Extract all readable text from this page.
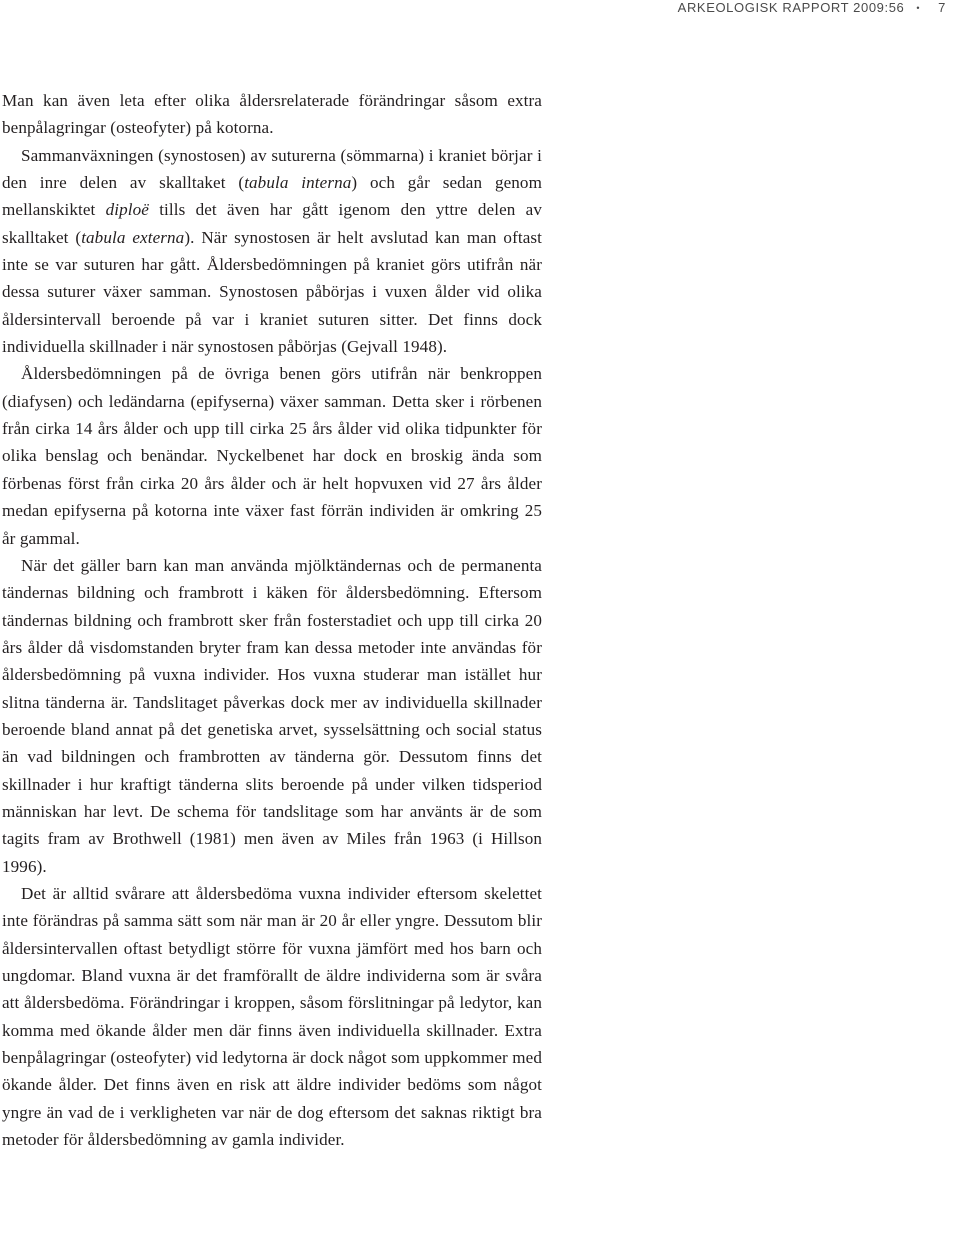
ARKEOLOGISK RAPPORT 2009:56 • 7

Man kan även leta efter olika åldersrelaterade förändringar såsom extra benpålagringar (osteofyter) på kotorna.

Sammanväxningen (synostosen) av suturerna (sömmarna) i kraniet börjar i den inre delen av skalltaket (tabula interna) och går sedan genom mellanskiktet diploë tills det även har gått igenom den yttre delen av skalltaket (tabula externa). När synostosen är helt avslutad kan man oftast inte se var suturen har gått. Åldersbedömningen på kraniet görs utifrån när dessa suturer växer samman. Synostosen påbörjas i vuxen ålder vid olika åldersintervall beroende på var i kraniet suturen sitter. Det finns dock individuella skillnader i när synostosen påbörjas (Gejvall 1948).

Åldersbedömningen på de övriga benen görs utifrån när benkroppen (diafysen) och ledändarna (epifyserna) växer samman. Detta sker i rörbenen från cirka 14 års ålder och upp till cirka 25 års ålder vid olika tidpunkter för olika benslag och benändar. Nyckelbenet har dock en broskig ända som förbenas först från cirka 20 års ålder och är helt hopvuxen vid 27 års ålder medan epifyserna på kotorna inte växer fast förrän individen är omkring 25 år gammal.

När det gäller barn kan man använda mjölktändernas och de permanenta tändernas bildning och frambrott i käken för åldersbedömning. Eftersom tändernas bildning och frambrott sker från fosterstadiet och upp till cirka 20 års ålder då visdomstanden bryter fram kan dessa metoder inte användas för åldersbedömning på vuxna individer. Hos vuxna studerar man istället hur slitna tänderna är. Tandslitaget påverkas dock mer av individuella skillnader beroende bland annat på det genetiska arvet, sysselsättning och social status än vad bildningen och frambrotten av tänderna gör. Dessutom finns det skillnader i hur kraftigt tänderna slits beroende på under vilken tidsperiod människan har levt. De schema för tandslitage som har använts är de som tagits fram av Brothwell (1981) men även av Miles från 1963 (i Hillson 1996).

Det är alltid svårare att åldersbedöma vuxna individer eftersom skelettet inte förändras på samma sätt som när man är 20 år eller yngre. Dessutom blir åldersintervallen oftast betydligt större för vuxna jämfört med hos barn och ungdomar. Bland vuxna är det framförallt de äldre individerna som är svåra att åldersbedöma. Förändringar i kroppen, såsom förslitningar på ledytor, kan komma med ökande ålder men där finns även individuella skillnader. Extra benpålagringar (osteofyter) vid ledytorna är dock något som uppkommer med ökande ålder. Det finns även en risk att äldre individer bedöms som något yngre än vad de i verkligheten var när de dog eftersom det saknas riktigt bra metoder för åldersbedömning av gamla individer.
